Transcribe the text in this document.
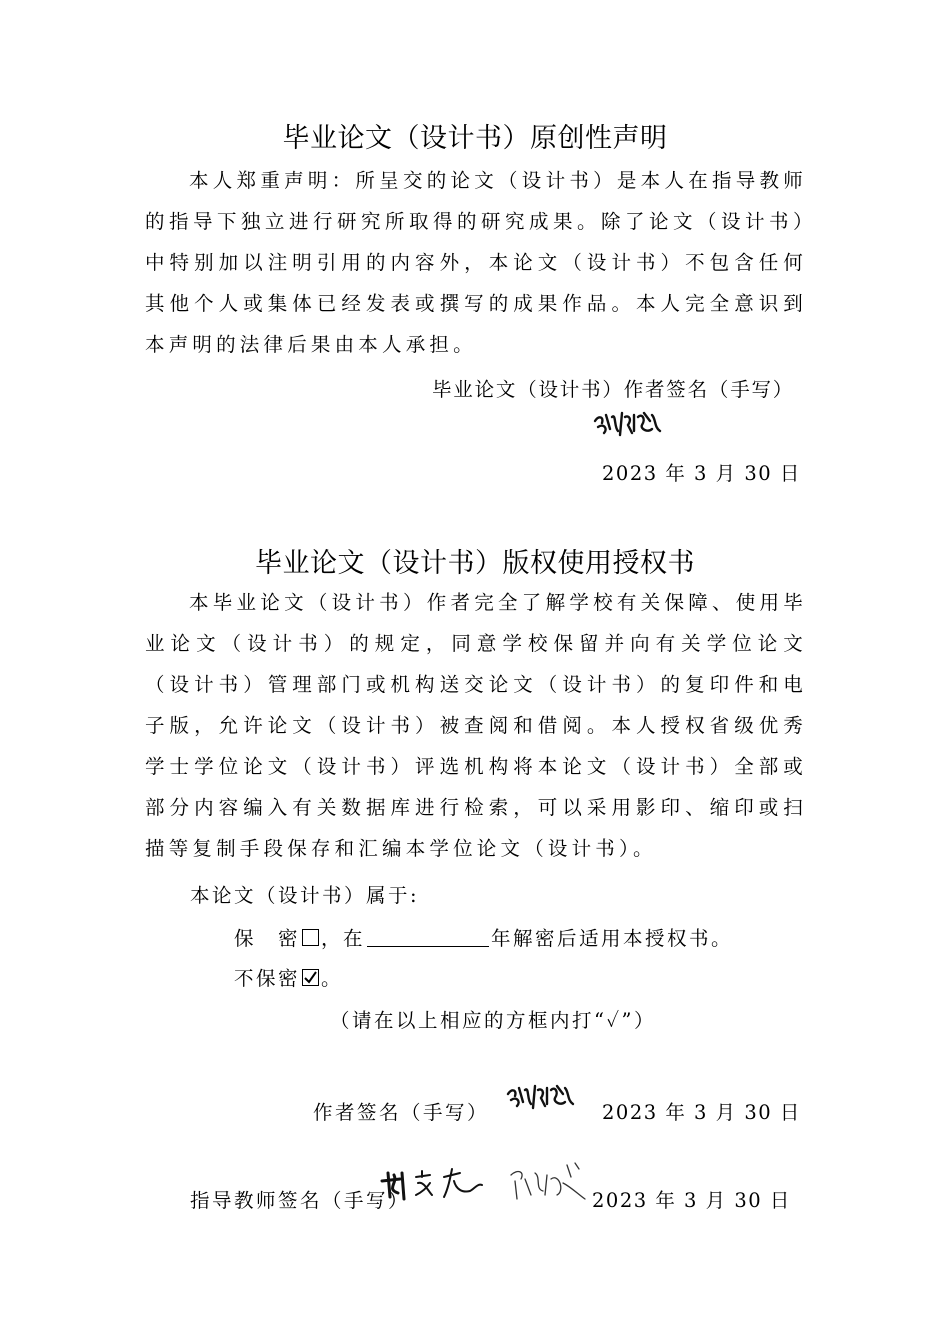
毕业论文（设计书）原创性声明

本人郑重声明：所呈交的论文（设计书）是本人在指导教师的指导下独立进行研究所取得的研究成果。除了论文（设计书）中特别加以注明引用的内容外，本论文（设计书）不包含任何其他个人或集体已经发表或撰写的成果作品。本人完全意识到本声明的法律后果由本人承担。

毕业论文（设计书）作者签名（手写）
2023 年 3 月 30 日
毕业论文（设计书）版权使用授权书

本毕业论文（设计书）作者完全了解学校有关保障、使用毕业论文（设计书）的规定，同意学校保留并向有关学位论文（设计书）管理部门或机构送交论文（设计书）的复印件和电子版，允许论文（设计书）被查阅和借阅。本人授权省级优秀学士学位论文（设计书）评选机构将本论文（设计书）全部或部分内容编入有关数据库进行检索，可以采用影印、缩印或扫描等复制手段保存和汇编本学位论文（设计书）。

本论文（设计书）属于:
保　密 ，在	年解密后适用本授权书。
不保密 。
（请在以上相应的方框内打“✓”）
作者签名（手写）	2023 年 3 月 30 日
指导教师签名（手写）	2023 年 3 月 30 日
